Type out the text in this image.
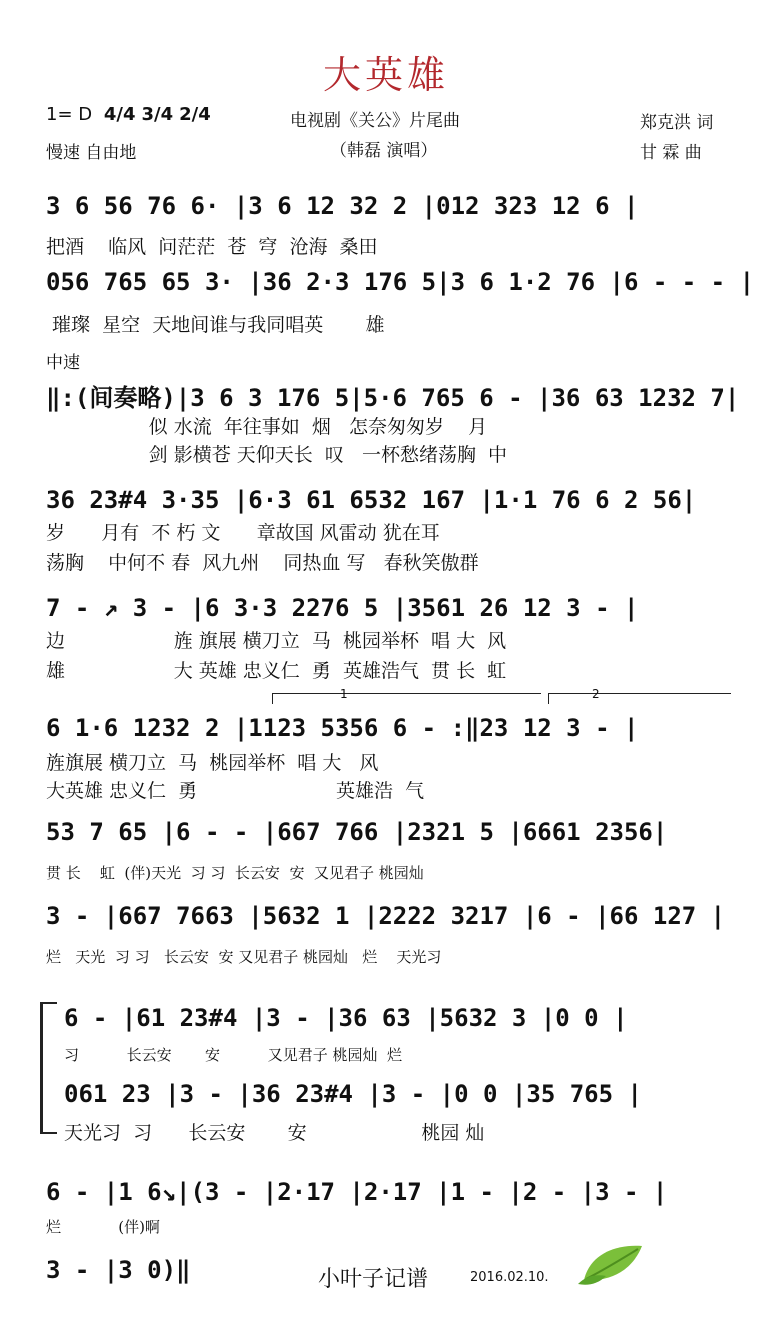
大英雄
1= D 4/4 3/4 2/4
慢速 自由地
电视剧《关公》片尾曲
（韩磊 演唱）
郑克洪 词
甘 霖 曲
中速
3 6 56 76 6· |3 6 12 32 2 |012 323 12 6 |
把酒    临风  问茫茫  苍  穹  沧海  桑田
056 765 65 3· |36 2·3 176 5|3 6 1·2 76 |6 - - - |
璀璨  星空  天地间谁与我同唱英       雄
‖:(间奏略)|3 6 3 176 5|5·6 765 6 - |36 63 1232 7|
似 水流  年往事如  烟   怎奈匆匆岁    月
剑 影横苍 天仰天长  叹   一杯愁绪荡胸  中
36 23#4 3·35 |6·3 61 6532 167 |1·1 76 6 2 56|
岁      月有  不 朽 文      章故国 风雷动 犹在耳
荡胸    中何不 春  风九州    同热血 写   春秋笑傲群
7 - ↗ 3 - |6 3·3 2276 5 |3561 26 12 3 - |
边                  旌 旗展 横刀立  马  桃园举杯  唱 大  风
雄                  大 英雄 忠义仁  勇  英雄浩气  贯 长  虹
1	2
6 1·6 1232 2 |1123 5356 6 - :‖23 12 3 - |
旌旗展 横刀立  马  桃园举杯  唱 大   风
大英雄 忠义仁  勇                       英雄浩  气
53 7 65 |6 - - |667 766 |2321 5 |6661 2356|
贯 长    虹  (伴)天光  习 习  长云安  安  又见君子 桃园灿
3 - |667 7663 |5632 1 |2222 3217 |6 - |66 127 |
烂   天光  习 习   长云安  安 又见君子 桃园灿   烂    天光习
6 - |61 23#4 |3 - |36 63 |5632 3 |0 0 |
习          长云安       安          又见君子 桃园灿  烂
061 23 |3 - |36 23#4 |3 - |0 0 |35 765 |
天光习  习      长云安       安                   桃园 灿
6 - |1 6↘|(3 - |2·17 |2·17 |1 - |2 - |3 - |
烂            (伴)啊
3 - |3 0)‖	小叶子记谱	2016.02.10.
